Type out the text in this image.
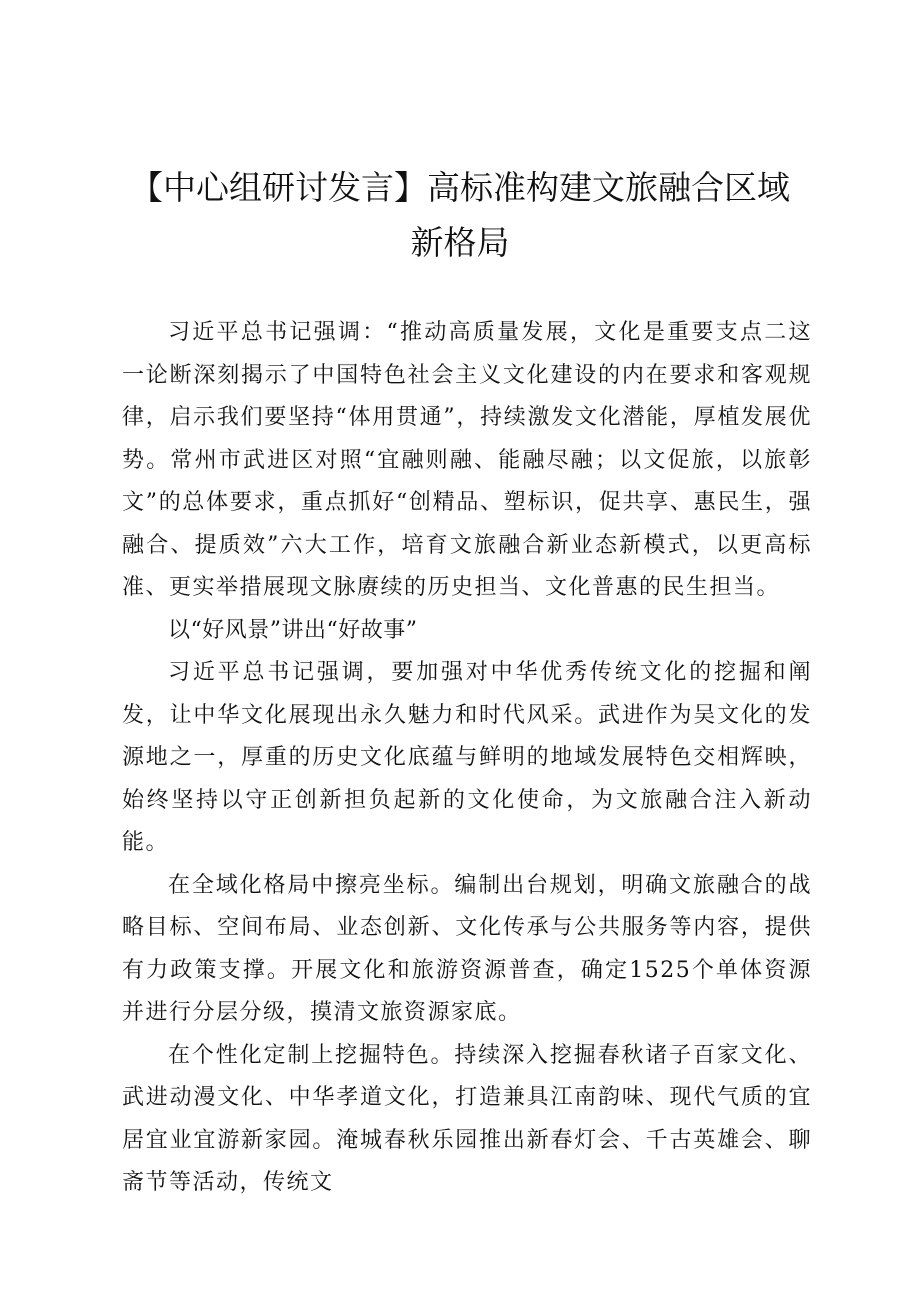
【中心组研讨发言】高标准构建文旅融合区域
新格局

习近平总书记强调：“推动高质量发展，文化是重要支点二这一论断深刻揭示了中国特色社会主义文化建设的内在要求和客观规律，启示我们要坚持“体用贯通”，持续激发文化潜能，厚植发展优势。常州市武进区对照“宜融则融、能融尽融；以文促旅，以旅彰文”的总体要求，重点抓好“创精品、塑标识，促共享、惠民生，强融合、提质效”六大工作，培育文旅融合新业态新模式，以更高标准、更实举措展现文脉赓续的历史担当、文化普惠的民生担当。

以“好风景”讲出“好故事”

习近平总书记强调，要加强对中华优秀传统文化的挖掘和阐发，让中华文化展现出永久魅力和时代风采。武进作为吴文化的发源地之一，厚重的历史文化底蕴与鲜明的地域发展特色交相辉映，始终坚持以守正创新担负起新的文化使命，为文旅融合注入新动能。

在全域化格局中擦亮坐标。编制出台规划，明确文旅融合的战略目标、空间布局、业态创新、文化传承与公共服务等内容，提供有力政策支撑。开展文化和旅游资源普查，确定1525个单体资源并进行分层分级，摸清文旅资源家底。

在个性化定制上挖掘特色。持续深入挖掘春秋诸子百家文化、武进动漫文化、中华孝道文化，打造兼具江南韵味、现代气质的宜居宜业宜游新家园。淹城春秋乐园推出新春灯会、千古英雄会、聊斋节等活动，传统文
